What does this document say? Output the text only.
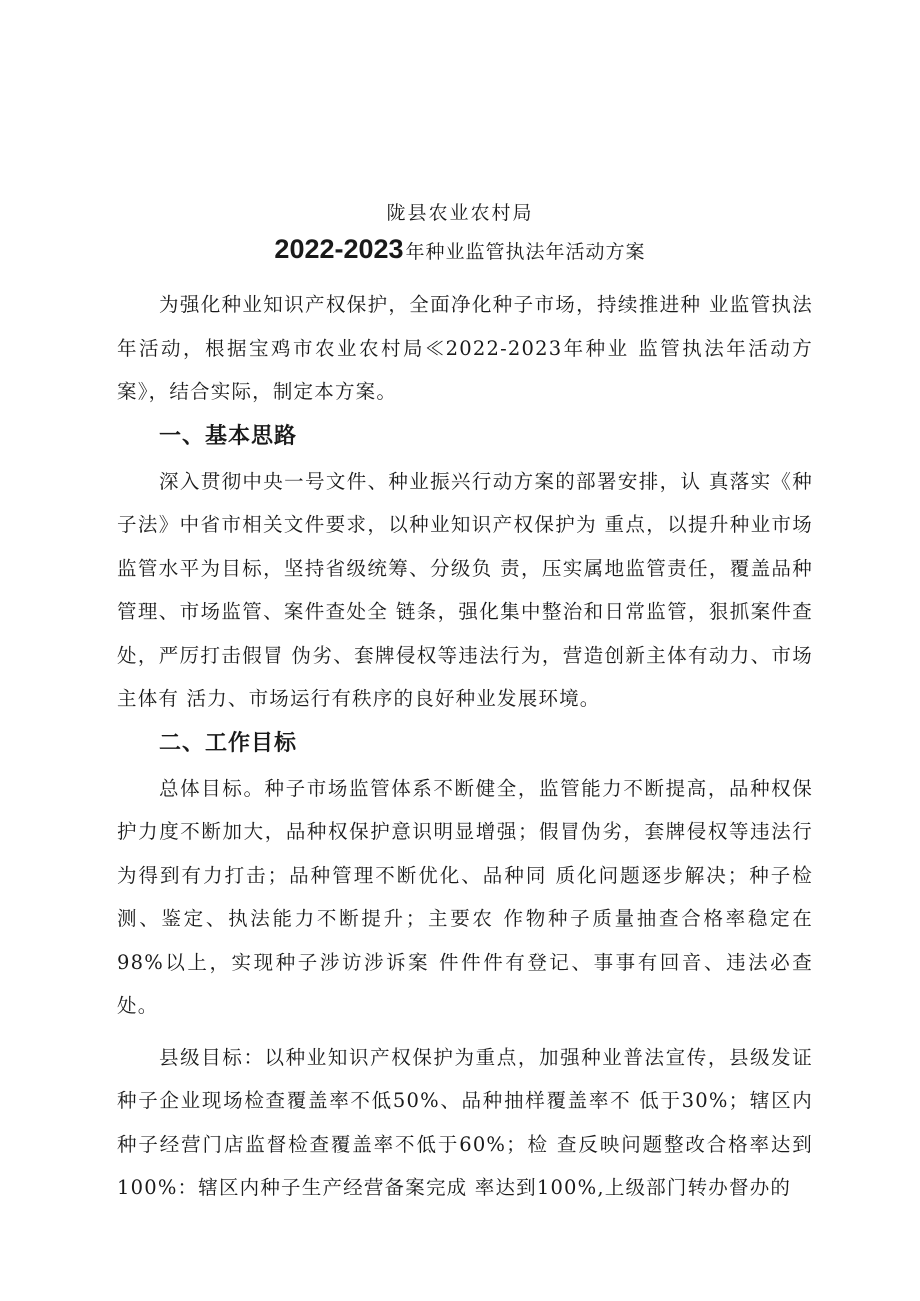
陇县农业农村局
2022-2023 年种业监管执法年活动方案

为强化种业知识产权保护，全面净化种子市场，持续推进种 业监管执法年活动，根据宝鸡市农业农村局≪2022-2023年种业 监管执法年活动方案》，结合实际，制定本方案。

一、基本思路

深入贯彻中央一号文件、种业振兴行动方案的部署安排，认 真落实《种子法》中省市相关文件要求，以种业知识产权保护为 重点，以提升种业市场监管水平为目标，坚持省级统筹、分级负 责，压实属地监管责任，覆盖品种管理、市场监管、案件查处全 链条，强化集中整治和日常监管，狠抓案件查处，严厉打击假冒 伪劣、套牌侵权等违法行为，营造创新主体有动力、市场主体有 活力、市场运行有秩序的良好种业发展环境。

二、工作目标

总体目标。种子市场监管体系不断健全，监管能力不断提高，品种权保护力度不断加大，品种权保护意识明显增强；假冒伪劣，套牌侵权等违法行为得到有力打击；品种管理不断优化、品种同 质化问题逐步解决；种子检测、鉴定、执法能力不断提升；主要农 作物种子质量抽查合格率稳定在98%以上，实现种子涉访涉诉案 件件件有登记、事事有回音、违法必查处。

县级目标：以种业知识产权保护为重点，加强种业普法宣传，县级发证种子企业现场检查覆盖率不低50%、品种抽样覆盖率不 低于30%；辖区内种子经营门店监督检查覆盖率不低于60%；检 查反映问题整改合格率达到100%：辖区内种子生产经营备案完成 率达到100%,上级部门转办督办的
